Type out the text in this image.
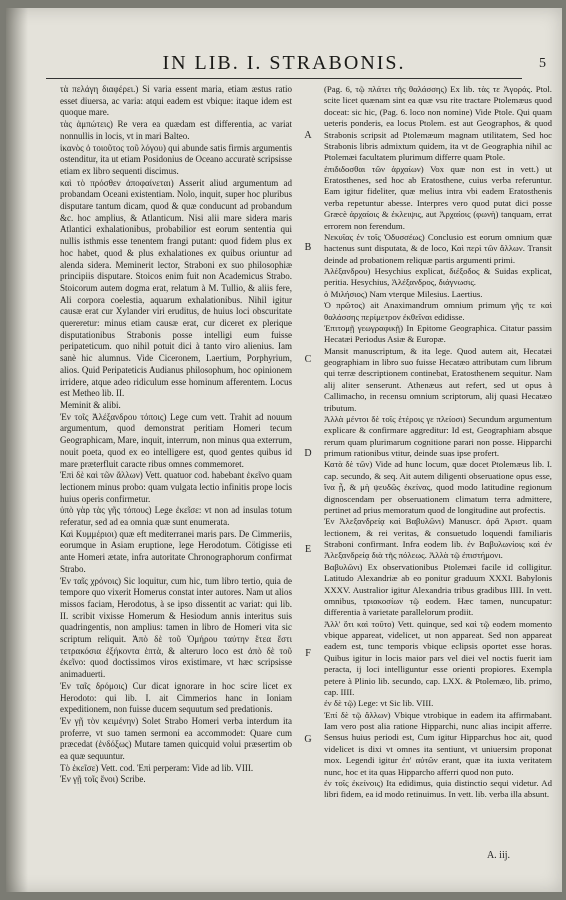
IN LIB. I. STRABONIS.	5

τὰ πελάγη διαφέρει.) Si varia essent maria, etiam æstus ratio esset diuersa, ac varia: atqui eadem est vbique: itaque idem est quoque mare.

τὰς ἀμπώτεις) Re vera ea quædam est differentia, ac variat nonnullis in locis, vt in mari Balteo.

ἱκανὸς ὁ τοιοῦτος τοῦ λόγου) qui abunde satis firmis argumentis ostenditur, ita ut etiam Posidonius de Oceano accuratè scripsisse etiam ex libro sequenti discimus.

καὶ τὸ πρόσθεν ἀποφαίνεται) Asserit aliud argumentum ad probandam Oceani existentiam. Nolo, inquit, super hoc pluribus disputare tantum dicam, quod & quæ conducunt ad probandum &c. hoc amplius, & Atlanticum. Nisi alii mare sidera maris Atlantici exhalationibus, probabilior est eorum sententia qui nullis isthmis esse tenentem frangi putant: quod fidem plus ex hoc habet, quod & plus exhalationes ex quibus oriuntur ad alenda sidera. Meminerit lector, Straboni ex suo philosophiæ principiis disputare. Stoicos enim fuit non Academicus Strabo. Stoicorum autem dogma erat, relatum à M. Tullio, & aliis fere, Ali corpora coelestia, aquarum exhalationibus. Nihil igitur causæ erat cur Xylander viri eruditus, de huius loci obscuritate quereretur: minus etiam causæ erat, cur diceret ex plerique disputationibus Strabonis posse intelligi eum fuisse peripateticum. quo nihil potuit dici à tanto viro alienius. Iam sanè hic alumnus. Vide Ciceronem, Laertium, Porphyrium, alios. Quid Peripateticis Audianus philosophum, hoc opinionem irridere, atque adeo ridiculum esse hominum afferentem. Locus est Metheo lib. II.

Meminit & alibi.

Ἐν τοῖς Ἀλέξανδρου τόποις) Lege cum vett. Trahit ad nouum argumentum, quod demonstrat peritiam Homeri tecum Geographicam, Mare, inquit, interrum, non minus qua exterrum, nouit poeta, quod ex eo intelligere est, quod gentes quibus id mare præterfluit caracte ribus omnes commemoret.

Ἐπὶ δὲ καὶ τῶν ἄλλων) Vett. quatuor cod. habebant ἐκεῖνο quam lectionem minus probo: quam vulgata lectio infinitis prope locis huius operis confirmetur.

ὑπὸ γὰρ τὰς γῆς τόπους) Lege ἐκεῖσε: vt non ad insulas totum referatur, sed ad ea omnia quæ sunt enumerata.

Καὶ Κυμμέριοι) quæ eft mediterranei maris pars. De Cimmeriis, eorumque in Asiam eruptione, lege Herodotum. Cötigisse eti ante Homeri ætate, infra autoritate Chronographorum confirmat Strabo.

Ἐν ταῖς χρόνοις) Sic loquitur, cum hic, tum libro tertio, quia de tempore quo vixerit Homerus constat inter autores. Nam ut alios missos faciam, Herodotus, à se ipso dissentit ac variat: qui lib. II. scribit vixisse Homerum & Hesiodum annis interitus suis quadringentis, non amplius: tamen in libro de Homeri vita sic scriptum reliquit. Ἀπὸ δὲ τοῦ Ὁμήρου ταύτην ἔτεα ἔστι τετρακόσια ἐξήκοντα ἑπτὰ, & alteruro loco est ἀπὸ δὲ τοῦ ἐκεῖνο: quod doctissimos viros existimare, vt hæc scripsisse animaduerti.

Ἐν ταῖς δρόμοις) Cur dicat ignorare in hoc scire licet ex Herodoto: qui lib. I. ait Cimmerios hanc in Ioniam expeditionem, non fuisse ducem sequutum sed predationis.

Ἐν γῇ τὸν κειμένην) Solet Strabo Homeri verba interdum ita proferre, vt suo tamen sermoni ea accommodet: Quare cum præcedat (ἐνδόξως) Mutare tamen quicquid volui præsertim ob ea quæ sequuntur.

Τὸ ἐκεῖσε) Vett. cod. Ἐπὶ perperam: Vide ad lib. VIII.

Ἐν γῇ τοῖς ἕνοι) Scribe.

A
B
C
D
E
F
G

(Pag. 6, τῷ πλάτει τῆς θαλάσσης) Ex lib. τὰς τε Ἀγοράς. Ptol. scite licet quænam sint ea quæ vsu rite tractare Ptolemæus quod doceat: sic hic, (Pag. 6. loco non nomine) Vide Ptole. Qui quam ueteris ponderis, ea locus Ptolem. est aut Geographos, & quod Strabonis scripsit ad Ptolemæum magnam utilitatem, Sed hoc Strabonis libris admixtum quidem, ita vt de Geographia nihil ac Ptolemæi facultatem plurimum differre quam Ptole.

ἐπιδιδοσθαι τῶν ἀρχαίων) Vox quæ non est in vett.) ut Eratosthenes, sed hoc ab Eratosthene, cuius verba referuntur. Eam igitur fideliter, quæ melius intra vbi eadem Eratosthenis verba repetuntur abesse. Interpres vero quod putat dici posse Græcè ἀρχαίοις & ἐκλειψις, aut Ἀρχαίοις (φωνὴ) tanquam, errat errorem non ferendum.

Νεκυῖας ἐν τοῖς Ὁδυσσέως) Conclusio est eorum omnium quæ hactenus sunt disputata, & de loco, Καὶ περὶ τῶν ἄλλων. Transit deinde ad probationem reliquæ partis argumenti primi.

Ἀλέξανδρου) Hesychius explicat, διέξοδος & Suidas explicat, peritia. Hesychius, Ἀλέξανδρος, διάγνωσις.

ὁ Μιλήσιος) Nam vterque Milesius. Laertius.

Ὁ πρῶτος) ait Anaximandrum omnium primum γῆς τε καὶ θαλάσσης περίμετρον ἐκθεῖναι edidisse.

Ἐπιτομῇ γεωγραφικῇ) In Epitome Geographica. Citatur passim Hecatæi Periodus Asiæ & Europæ.

Mansit manuscriptum, & ita lege. Quod autem ait, Hecatæi geographiam in libro suo fuisse Hecatæo attributam cum librum qui terræ descriptionem continebat, Eratosthenem sequitur. Nam alij aliter senserunt. Athenæus aut refert, sed ut opus à Callimacho, in recensu omnium scriptorum, alij quasi Hecatæo tributum.

Ἀλλὰ μέντοι δὲ τοῖς ἑτέροις γε πλείοσι) Secundum argumentum explicare & confirmare aggreditur: Id est, Geographiam absque rerum quam plurimarum cognitione parari non posse. Hipparchi primum rationibus vtitur, deinde suas ipse profert.

Κατὰ δὲ τῶν) Vide ad hunc locum, quæ docet Ptolemæus lib. I. cap. secundo, & seq. Ait autem diligenti obseruatione opus esse, ἵνα ᾖ, & μὴ ψευδῶς ἐκείνας, quod modo latitudine regionum dignoscendam per obseruationem climatum terra admittere, pertinet ad prius memoratum quod de longitudine aut profectis.

Ἐν Ἀλεξανδρείᾳ καὶ Βαβυλῶνι) Manuscr. ἀρᾶ Ἀριστ. quam lectionem, & rei veritas, & consuetudo loquendi familiaris Straboni confirmant. Infra eodem lib. ἐν Βαβυλωνίοις καὶ ἐν Ἀλεξανδρείᾳ διὰ τῆς πόλεως. Ἀλλὰ τῷ ἐπιστήμονι.

Βαβυλῶνι) Ex observationibus Ptolemæi facile id colligitur. Latitudo Alexandriæ ab eo ponitur graduum XXXI. Babylonis XXXV. Australior igitur Alexandria tribus gradibus IIII. In vett. omnibus, τριακοσίων τῷ eodem. Hæc tamen, nuncupatur: differentia à varietate parallelorum prodiit.

Ἀλλ' ὅτι καὶ τοῦτο) Vett. quinque, sed καὶ τῷ eodem momento vbique appareat, videlicet, ut non appareat. Sed non appareat eadem est, tunc temporis vbique eclipsis oportet esse horas. Quibus igitur in locis maior pars vel diei vel noctis fuerit iam peracta, ij loci intelliguntur esse orienti propiores. Exempla petere à Plinio lib. secundo, cap. LXX. & Ptolemæo, lib. primo, cap. IIII.

ἐν δὲ τῷ) Lege: vt Sic lib. VIII.

Ἐπί δὲ τῷ ἄλλων) Vbique vtrobique in eadem ita affirmabant. Iam vero post alia ratione Hipparchi, nunc alias incipit afferre. Sensus huius periodi est, Cum igitur Hipparchus hoc ait, quod videlicet is dixi vt omnes ita sentiunt, vt uniuersim proponat mox. Legendi igitur ἐπ' αὐτῶν erant, quæ ita iuxta veritatem nunc, hoc et ita quas Hipparcho afferri quod non puto.

ἐν τοῖς ἐκείνοις) Ita edidimus, quia distinctio sequi videtur. Ad libri fidem, ea id modo retinuimus. In vett. lib. verba illa absunt.

A. iij.
